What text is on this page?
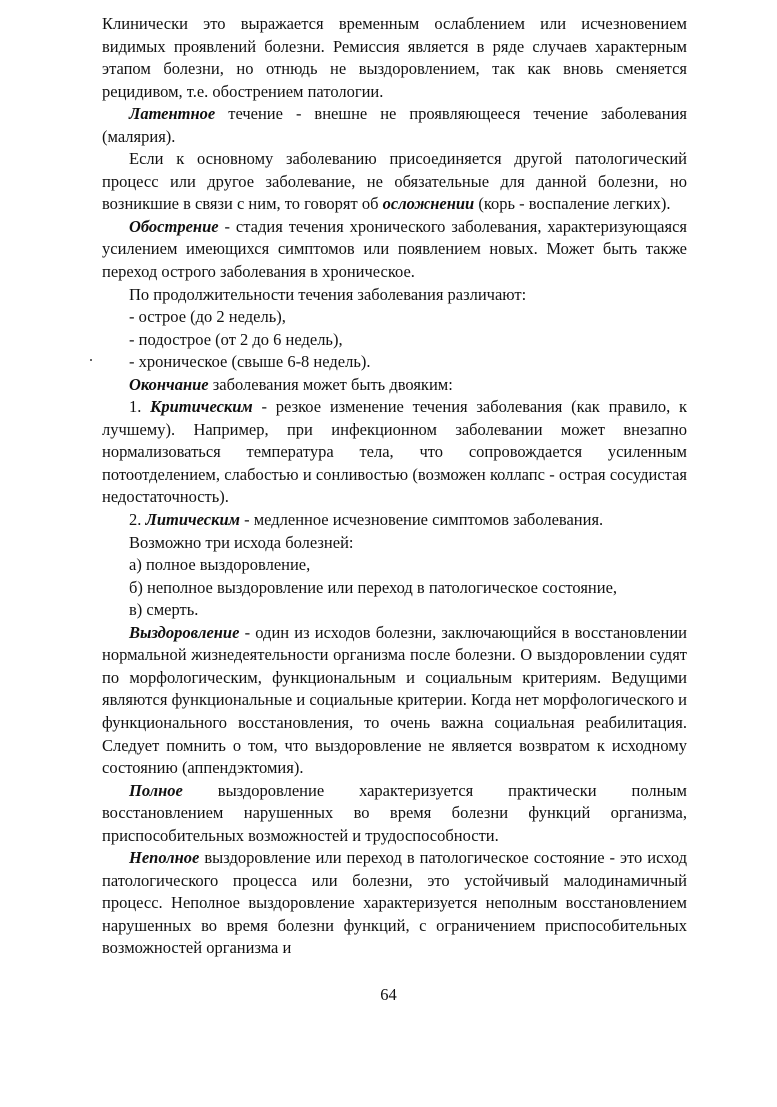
Клинически это выражается временным ослаблением или исчезновением видимых проявлений болезни. Ремиссия является в ряде случаев характерным этапом болезни, но отнюдь не выздоровлением, так как вновь сменяется рецидивом, т.е. обострением патологии.

Латентное течение - внешне не проявляющееся течение заболевания (малярия).

Если к основному заболеванию присоединяется другой патологический процесс или другое заболевание, не обязательные для данной болезни, но возникшие в связи с ним, то говорят об осложнении (корь - воспаление легких).

Обострение - стадия течения хронического заболевания, характеризующаяся усилением имеющихся симптомов или появлением новых. Может быть также переход острого заболевания в хроническое.

По продолжительности течения заболевания различают:

- острое (до 2 недель),

- подострое (от 2 до 6 недель),

- хроническое (свыше 6-8 недель).

Окончание заболевания может быть двояким:

1. Критическим - резкое изменение течения заболевания (как правило, к лучшему). Например, при инфекционном заболевании может внезапно нормализоваться температура тела, что сопровождается усиленным потоотделением, слабостью и сонливостью (возможен коллапс - острая сосудистая недостаточность).

2. Литическим - медленное исчезновение симптомов заболевания.

Возможно три исхода болезней:

а) полное выздоровление,

б) неполное выздоровление или переход в патологическое состояние,

в) смерть.

Выздоровление - один из исходов болезни, заключающийся в восстановлении нормальной жизнедеятельности организма после болезни. О выздоровлении судят по морфологическим, функциональным и социальным критериям. Ведущими являются функциональные и социальные критерии. Когда нет морфологического и функционального восстановления, то очень важна социальная реабилитация. Следует помнить о том, что выздоровление не является возвратом к исходному состоянию (аппендэктомия).

Полное выздоровление характеризуется практически полным восстановлением нарушенных во время болезни функций организма, приспособительных возможностей и трудоспособности.

Неполное выздоровление или переход в патологическое состояние - это исход патологического процесса или болезни, это устойчивый малодинамичный процесс. Неполное выздоровление характеризуется неполным восстановлением нарушенных во время болезни функций, с ограничением приспособительных возможностей организма и

64
